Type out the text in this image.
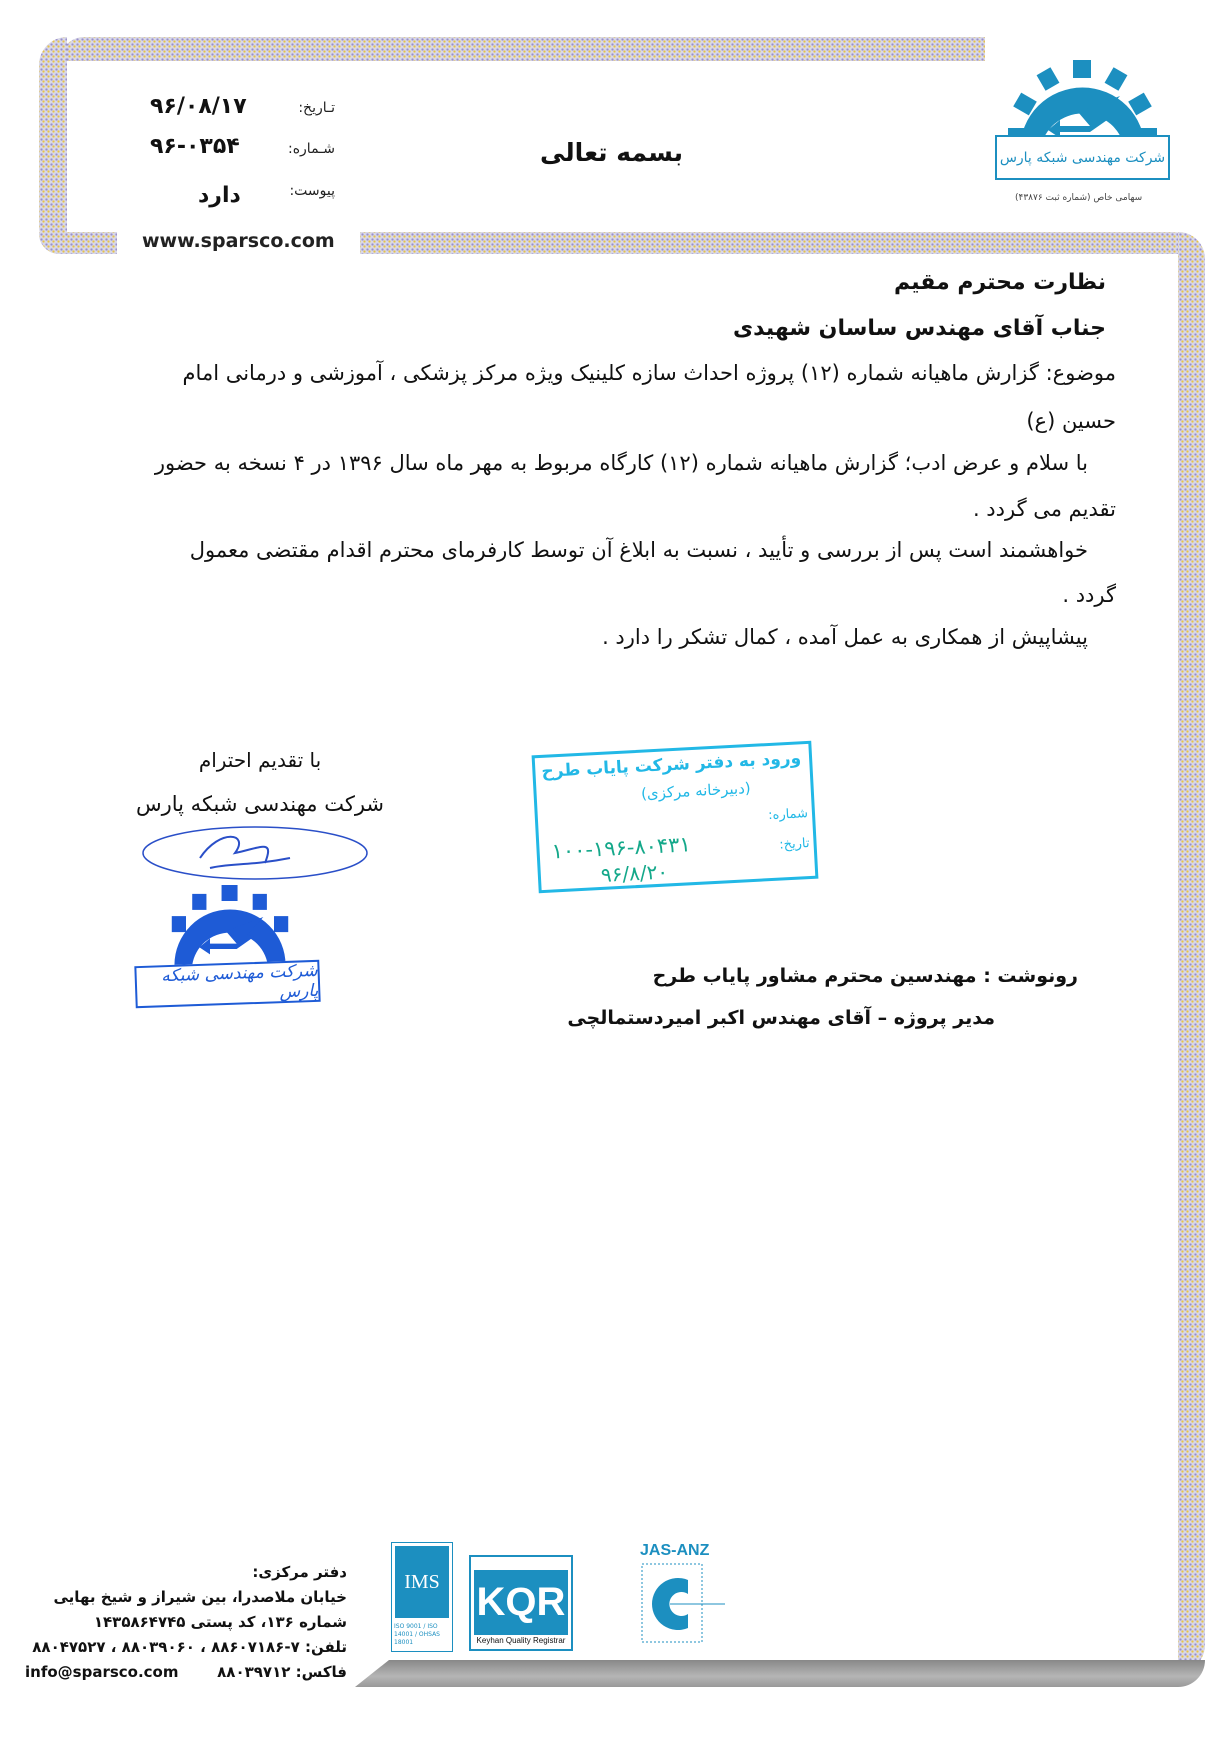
تـاریخ:
۹۶/۰۸/۱۷
شـماره:
۹۶-۰۳۵۴
پیوست:
دارد
www.sparsco.com
بسمه تعالی	شرکت مهندسی شبکه پارس
سهامی خاص (شماره ثبت ۴۳۸۷۶)
نظارت محترم مقیم
جناب آقای مهندس ساسان شهیدی
موضوع: گزارش ماهیانه شماره (۱۲) پروژه احداث سازه کلینیک ویژه مرکز پزشکی ، آموزشی و درمانی امام
حسین (ع)
با سلام و عرض ادب؛ گزارش ماهیانه شماره (۱۲) کارگاه مربوط به مهر ماه سال ۱۳۹۶ در ۴ نسخه به حضور
تقدیم می گردد .
خواهشمند است پس از بررسی و تأیید ، نسبت به ابلاغ آن توسط کارفرمای محترم اقدام مقتضی معمول
گردد .
پیشاپیش از همکاری به عمل آمده ، کمال تشکر را دارد .
با تقدیم احترام
شرکت مهندسی شبکه پارس
شرکت مهندسی شبکه پارس
ورود به دفتر شرکت پایاب طرح
(دبیرخانه مرکزی)
شماره:
۱۰۰-۱۹۶-۸۰۴۳۱	تاریخ:
۹۶/۸/۲۰
رونوشت : مهندسین محترم مشاور پایاب طرح
مدیر پروژه – آقای مهندس اکبر امیردستمالچی
دفتر مرکزی:
خیابان ملاصدرا، بین شیراز و شیخ بهایی
شماره ۱۳۶، کد پستی ۱۴۳۵۸۶۴۷۴۵
تلفن: ۷-۸۸۶۰۷۱۸۶ ، ۸۸۰۳۹۰۶۰ ، ۸۸۰۴۷۵۲۷
فاکس: ۸۸۰۳۹۷۱۲
info@sparsco.com
IMS
ISO 9001 / ISO 14001 / OHSAS 18001
KQR
Keyhan Quality Registrar
JAS-ANZ
